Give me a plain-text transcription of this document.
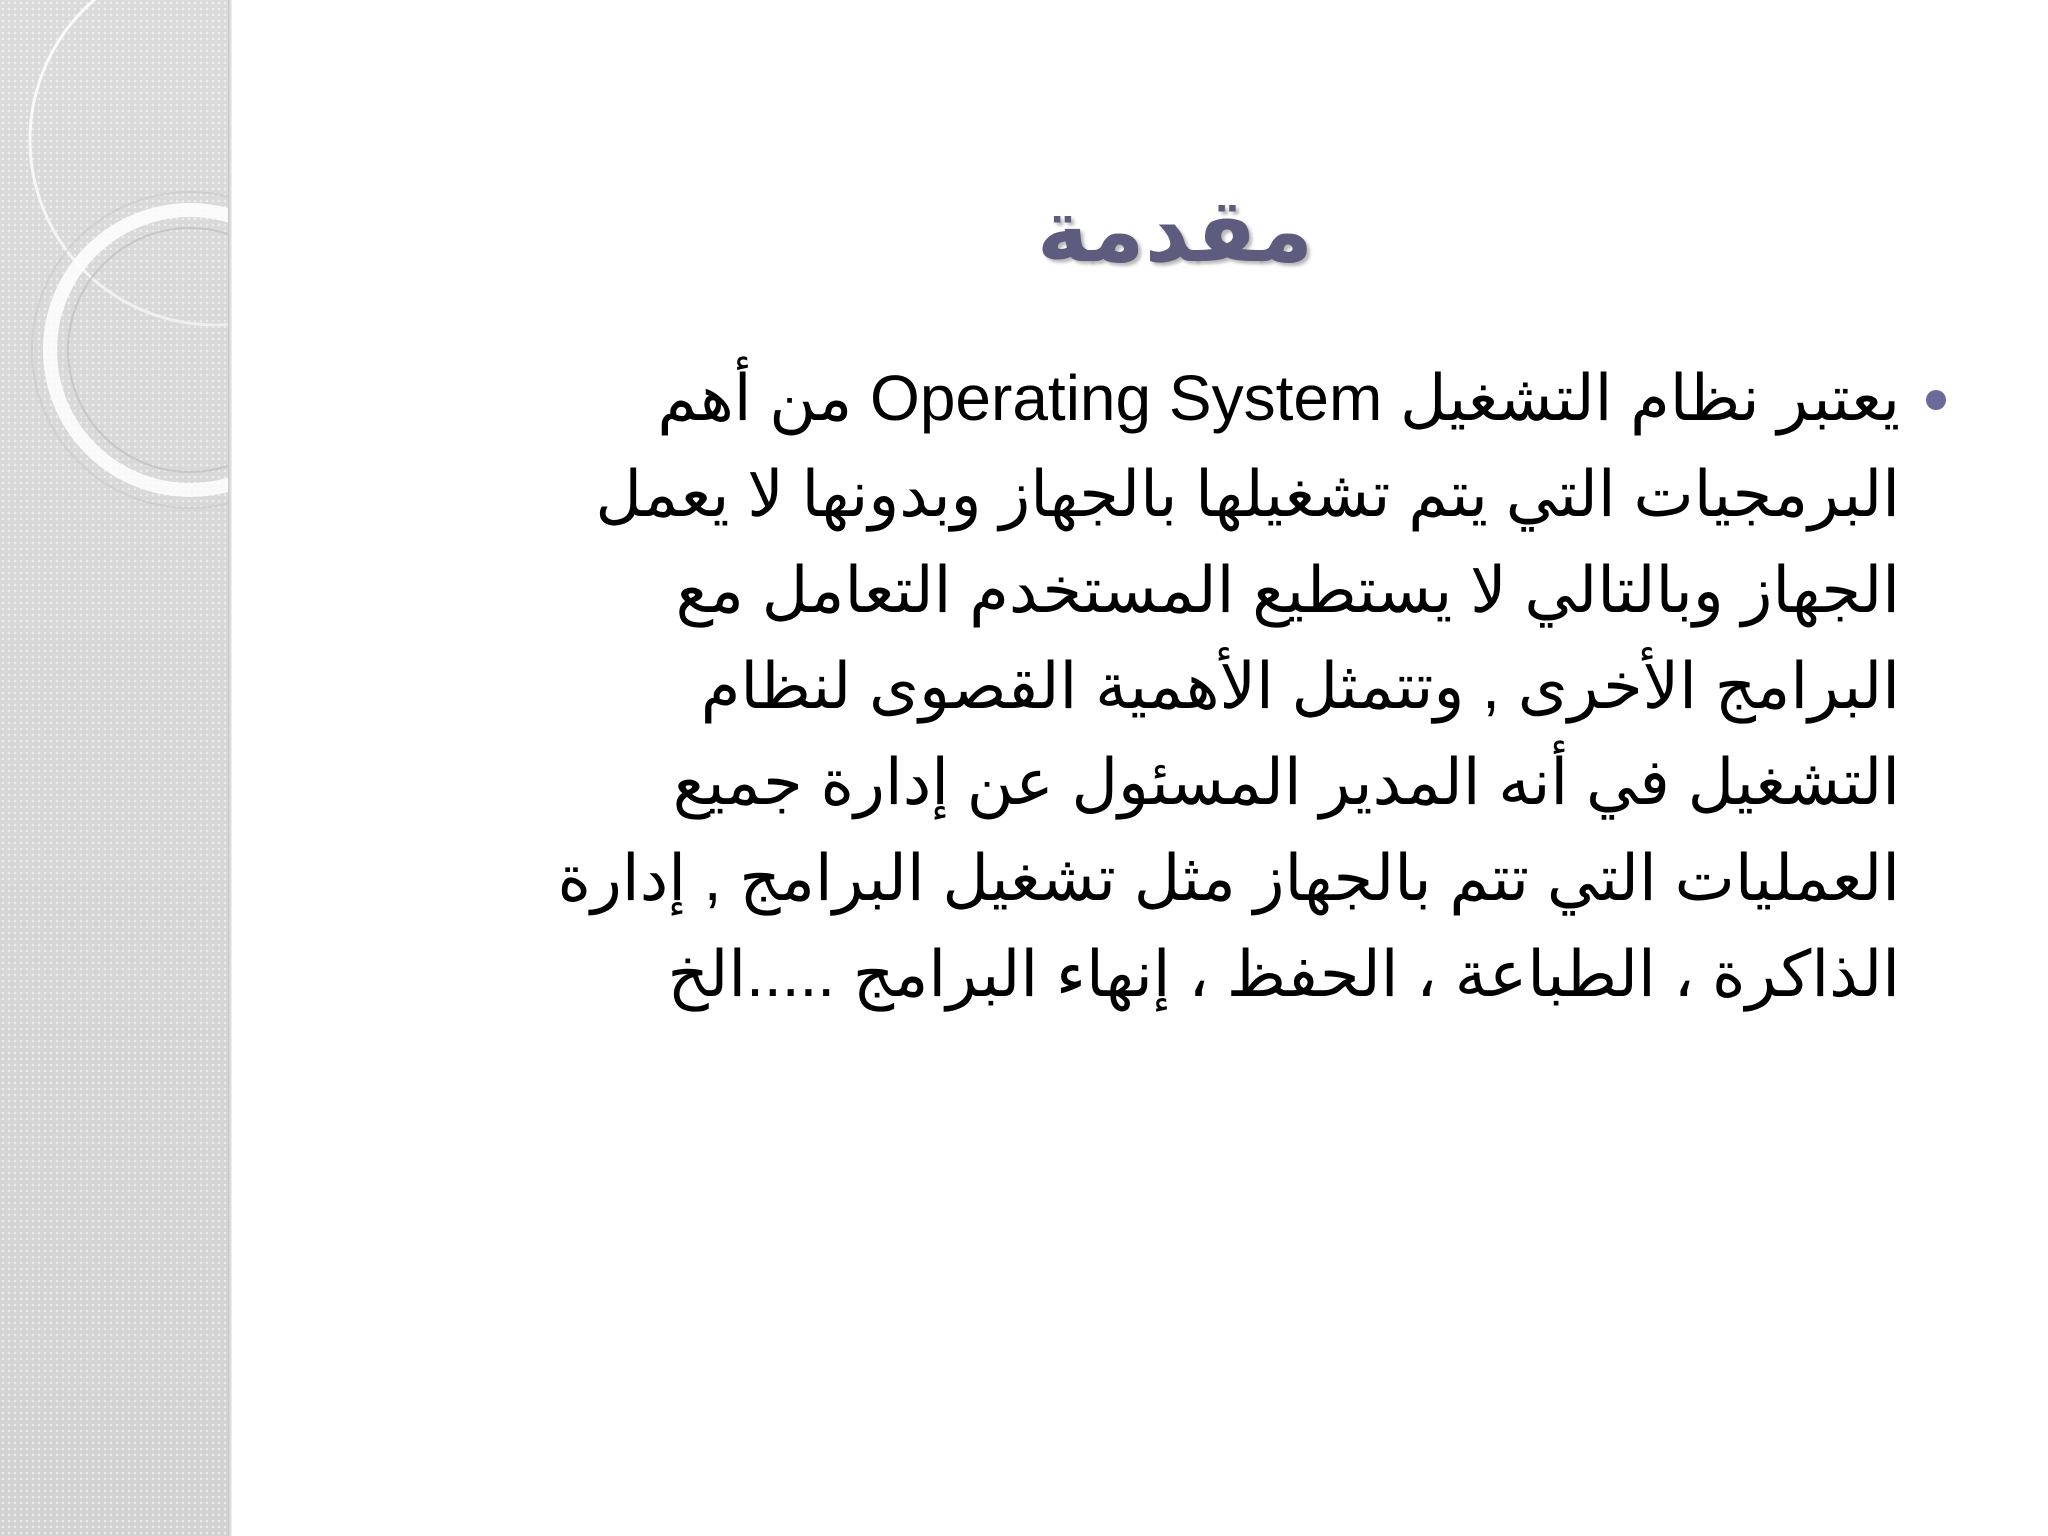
مقدمة
يعتبر نظام التشغيل Operating System من أهم
البرمجيات التي يتم تشغيلها بالجهاز وبدونها لا يعمل
الجهاز وبالتالي لا يستطيع المستخدم التعامل مع
البرامج الأخرى , وتتمثل الأهمية القصوى لنظام
التشغيل في أنه المدير المسئول عن إدارة جميع
العمليات التي تتم بالجهاز مثل تشغيل البرامج , إدارة
الذاكرة ، الطباعة ، الحفظ ، إنهاء البرامج .....الخ
